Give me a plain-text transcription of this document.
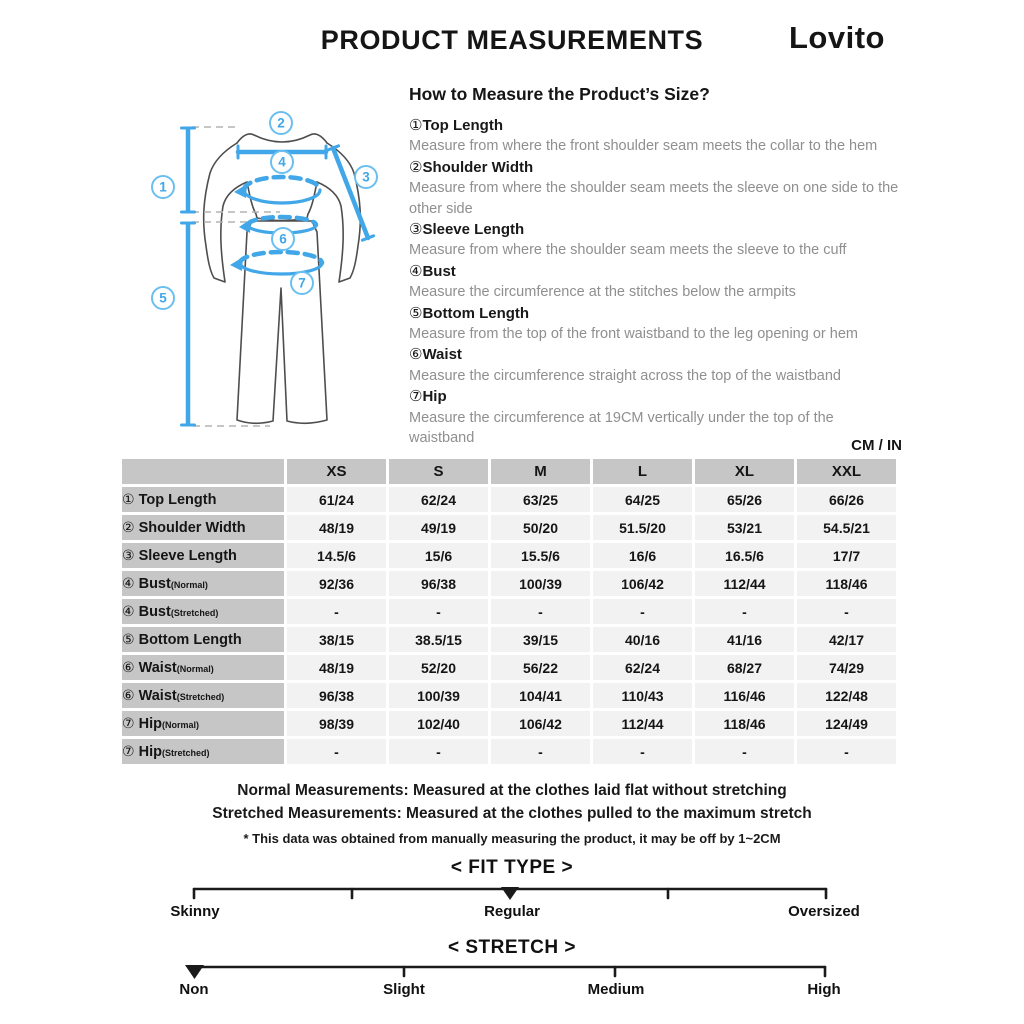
PRODUCT MEASUREMENTS	Lovito
1
2
3
4
5
6
7
How to Measure the Product’s Size?
①Top Length
Measure from where the front shoulder seam meets the collar to the hem
②Shoulder Width
Measure from where the shoulder seam meets the sleeve on one side to the other side
③Sleeve Length
Measure from where the shoulder seam meets the sleeve to the cuff
④Bust
Measure the circumference at the stitches below the armpits
⑤Bottom Length
Measure from the top of the front waistband to the leg opening or hem
⑥Waist
Measure the circumference straight across the top of the waistband
⑦Hip
Measure the circumference at 19CM vertically under the top of the waistband	CM / IN
	XS	S	M	L	XL	XXL
① Top Length	61/24	62/24	63/25	64/25	65/26	66/26
② Shoulder Width	48/19	49/19	50/20	51.5/20	53/21	54.5/21
③ Sleeve Length	14.5/6	15/6	15.5/6	16/6	16.5/6	17/7
④ Bust(Normal)	92/36	96/38	100/39	106/42	112/44	118/46
④ Bust(Stretched)	-	-	-	-	-	-
⑤ Bottom Length	38/15	38.5/15	39/15	40/16	41/16	42/17
⑥ Waist(Normal)	48/19	52/20	56/22	62/24	68/27	74/29
⑥ Waist(Stretched)	96/38	100/39	104/41	110/43	116/46	122/48
⑦ Hip(Normal)	98/39	102/40	106/42	112/44	118/46	124/49
⑦ Hip(Stretched)	-	-	-	-	-	-
Normal Measurements: Measured at the clothes laid flat without stretching
Stretched Measurements: Measured at the clothes pulled to the maximum stretch
* This data was obtained from manually measuring the product, it may be off by 1~2CM
< FIT TYPE >
Skinny	Regular	Oversized
< STRETCH >
Non	Slight	Medium	High
